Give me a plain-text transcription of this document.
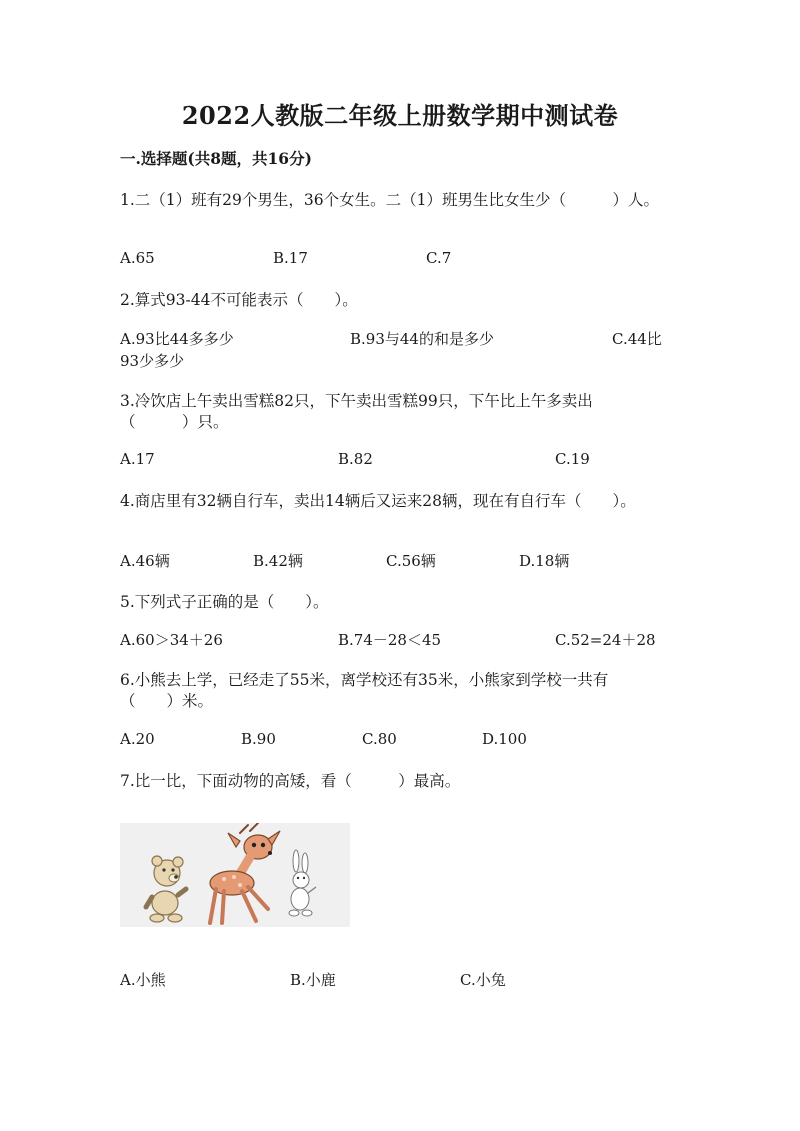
2022人教版二年级上册数学期中测试卷
一.选择题(共8题，共16分)
1.二（1）班有29个男生，36个女生。二（1）班男生比女生少（　　　）人。
A.65	B.17	C.7
2.算式93-44不可能表示（　　）。
A.93比44多多少	B.93与44的和是多少	C.44比
93少多少
3.冷饮店上午卖出雪糕82只，下午卖出雪糕99只，下午比上午多卖出
（　　　）只。
A.17	B.82	C.19
4.商店里有32辆自行车，卖出14辆后又运来28辆，现在有自行车（　　）。
A.46辆	B.42辆	C.56辆	D.18辆
5.下列式子正确的是（　　）。
A.60＞34＋26	B.74－28＜45	C.52=24＋28
6.小熊去上学，已经走了55米，离学校还有35米，小熊家到学校一共有
（　　）米。
A.20	B.90	C.80	D.100
7.比一比，下面动物的高矮，看（　　　）最高。
A.小熊	B.小鹿	C.小兔
